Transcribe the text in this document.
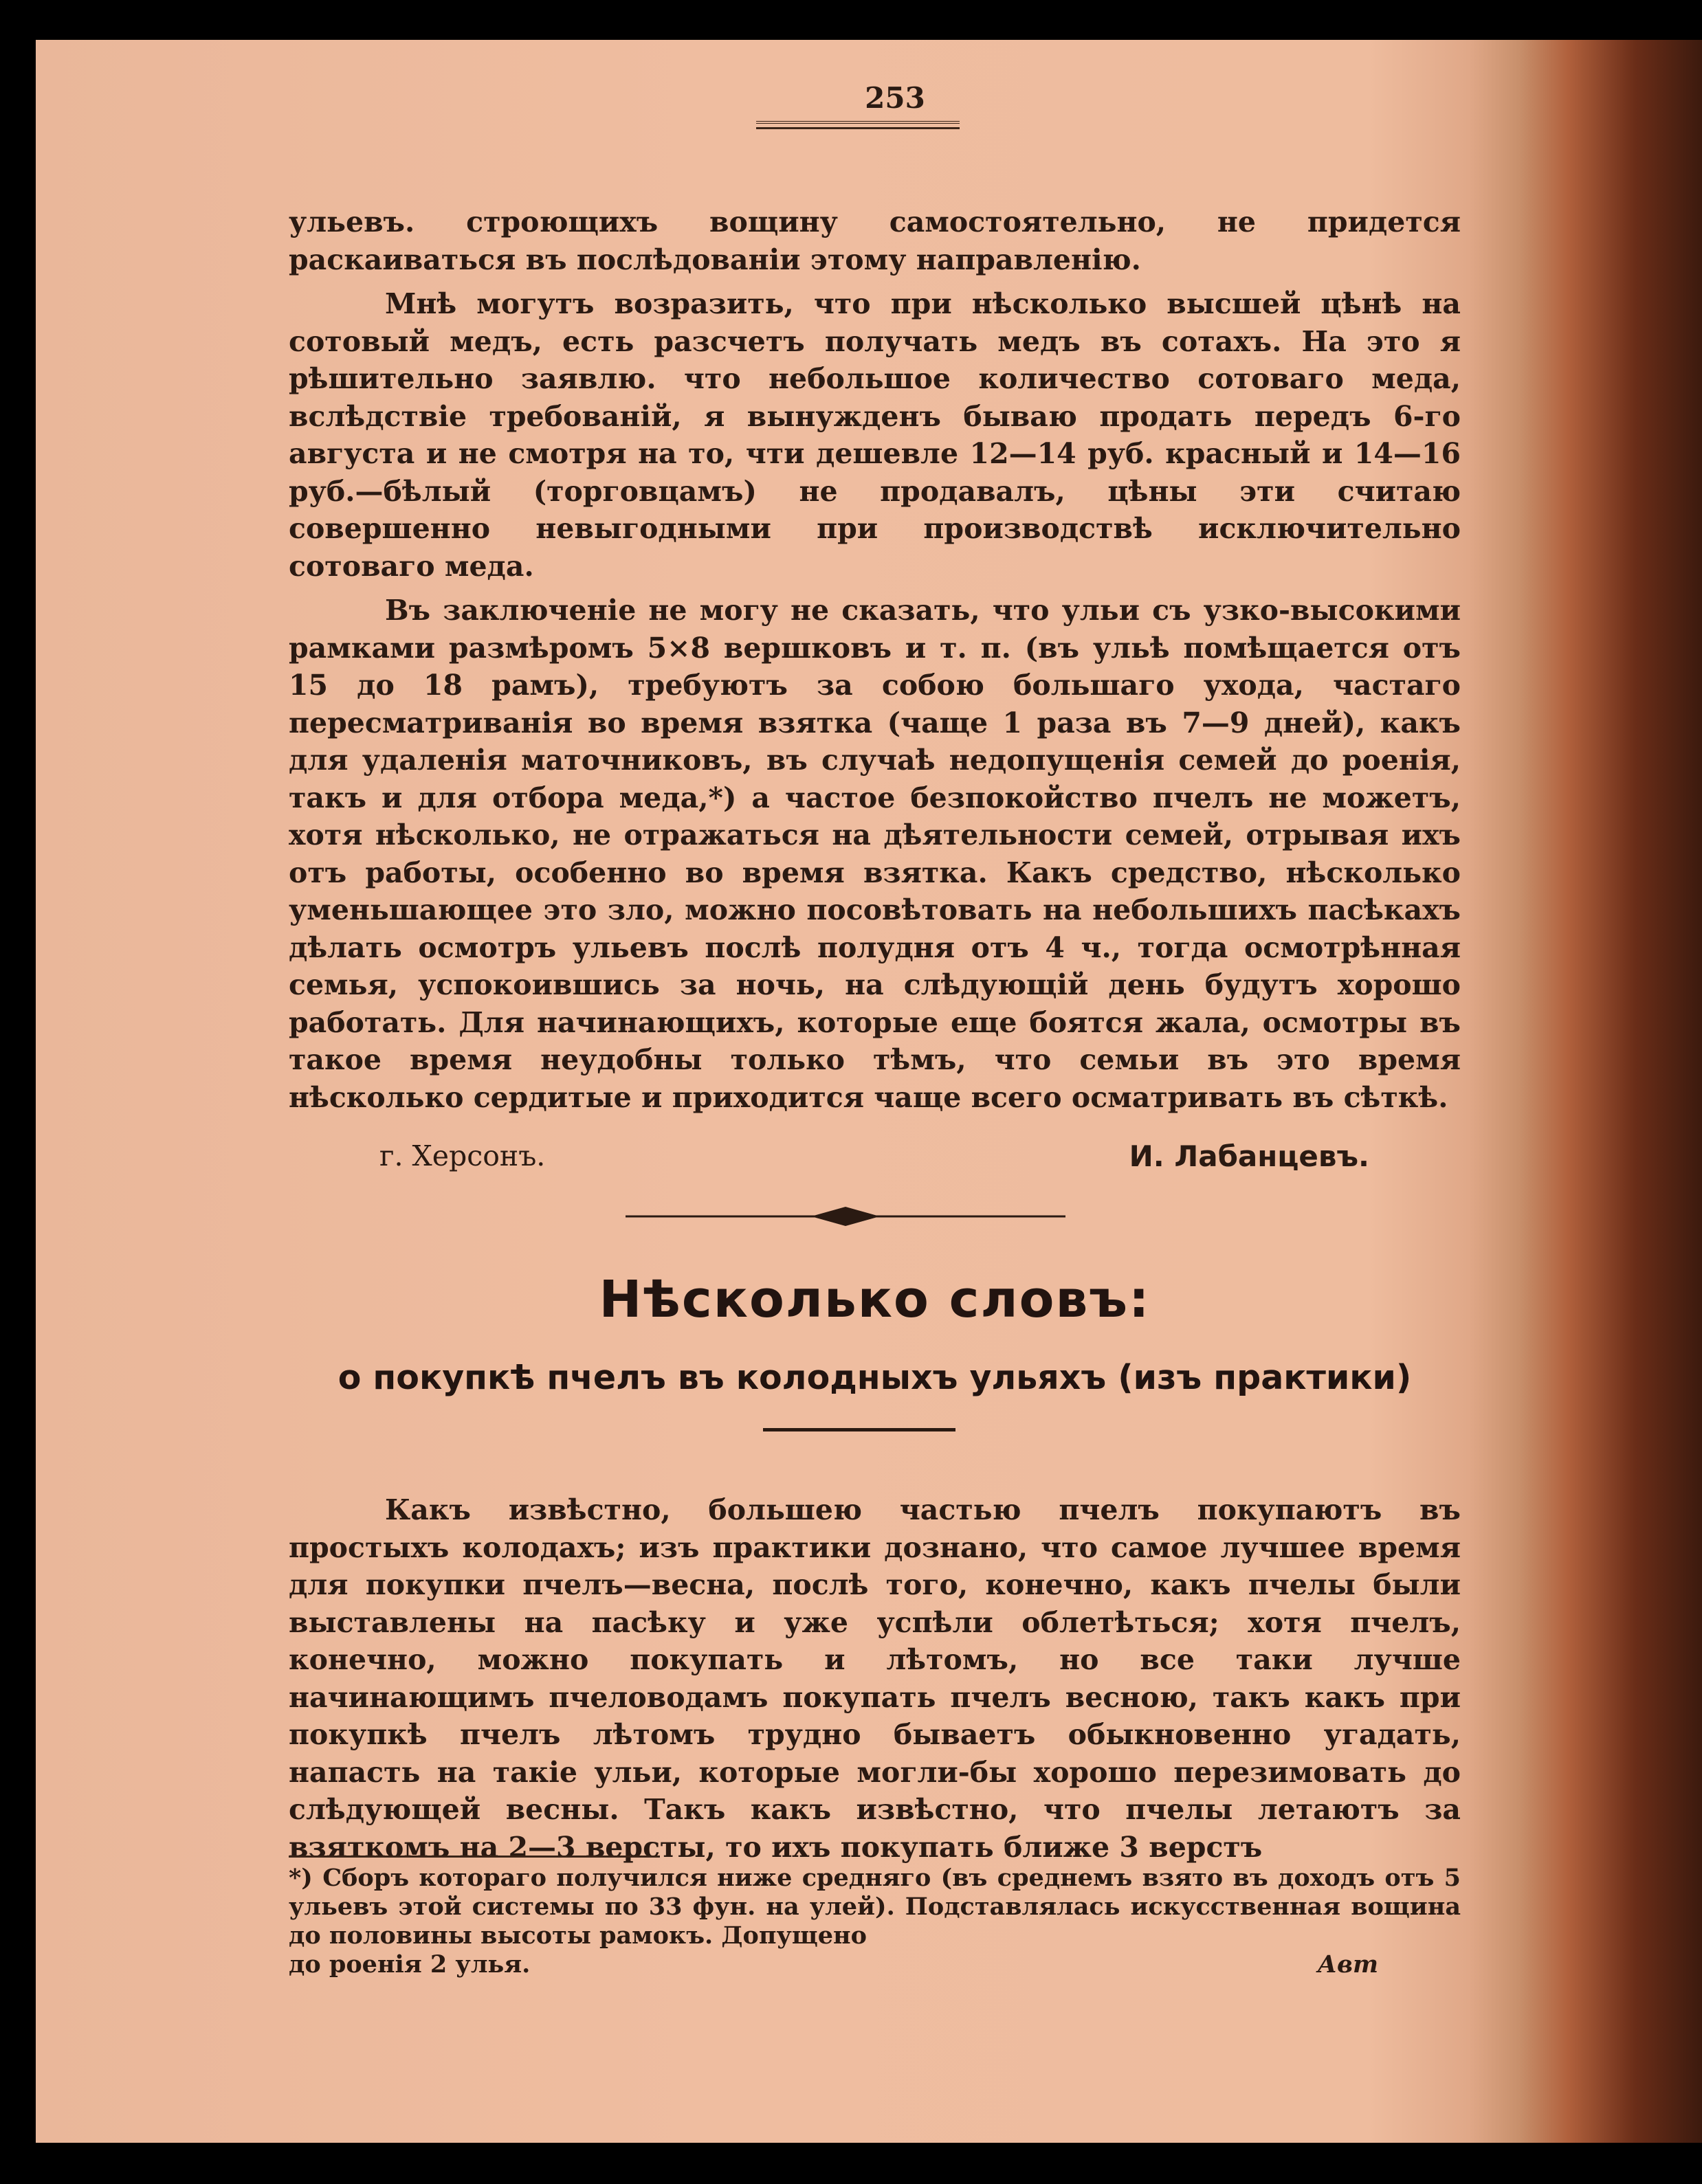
253

ульевъ. строющихъ вощину самостоятельно, не придется раскаиваться въ послѣдованіи этому направленію.

Мнѣ могутъ возразить, что при нѣсколько высшей цѣнѣ на сотовый медъ, есть разсчетъ получать медъ въ сотахъ. На это я рѣшительно заявлю. что небольшое количество сотоваго меда, вслѣдствіе требованій, я вынужденъ бываю продать передъ 6-го августа и не смотря на то, чти дешевле 12—14 руб. красный и 14—16 руб.—бѣлый (торговцамъ) не продавалъ, цѣны эти считаю совершенно невыгодными при производствѣ исключительно сотоваго меда.

Въ заключеніе не могу не сказать, что ульи съ узко-высокими рамками размѣромъ 5×8 вершковъ и т. п. (въ ульѣ помѣщается отъ 15 до 18 рамъ), требуютъ за собою большаго ухода, частаго пересматриванія во время взятка (чаще 1 раза въ 7—9 дней), какъ для удаленія маточниковъ, въ случаѣ недопущенія семей до роенія, такъ и для отбора меда,*) а частое безпокойство пчелъ не можетъ, хотя нѣсколько, не отражаться на дѣятельности семей, отрывая ихъ отъ работы, особенно во время взятка. Какъ средство, нѣсколько уменьшающее это зло, можно посовѣтовать на небольшихъ пасѣкахъ дѣлать осмотръ ульевъ послѣ полудня отъ 4 ч., тогда осмотрѣнная семья, успокоившись за ночь, на слѣдующій день будутъ хорошо работать. Для начинающихъ, которые еще боятся жала, осмотры въ такое время неудобны только тѣмъ, что семьи въ это время нѣсколько сердитые и приходится чаще всего осматривать въ сѣткѣ.

г. Херсонъ.	И. Лабанцевъ.
Нѣсколько словъ:
о покупкѣ пчелъ въ колодныхъ ульяхъ (изъ практики)

Какъ извѣстно, большею частью пчелъ покупаютъ въ простыхъ колодахъ; изъ практики дознано, что самое лучшее время для покупки пчелъ—весна, послѣ того, конечно, какъ пчелы были выставлены на пасѣку и уже успѣли облетѣться; хотя пчелъ, конечно, можно покупать и лѣтомъ, но все таки лучше начинающимъ пчеловодамъ покупать пчелъ весною, такъ какъ при покупкѣ пчелъ лѣтомъ трудно бываетъ обыкновенно угадать, напасть на такіе ульи, которые могли-бы хорошо перезимовать до слѣдующей весны. Такъ какъ извѣстно, что пчелы летаютъ за взяткомъ на 2—3 версты, то ихъ покупать ближе 3 верстъ

*) Сборъ котораго получился ниже средняго (въ среднемъ взято въ доходъ отъ 5 ульевъ этой системы по 33 фун. на улей). Подставлялась искусственная вощина до половины высоты рамокъ. Допущено

до роенія 2 улья.	Авт
